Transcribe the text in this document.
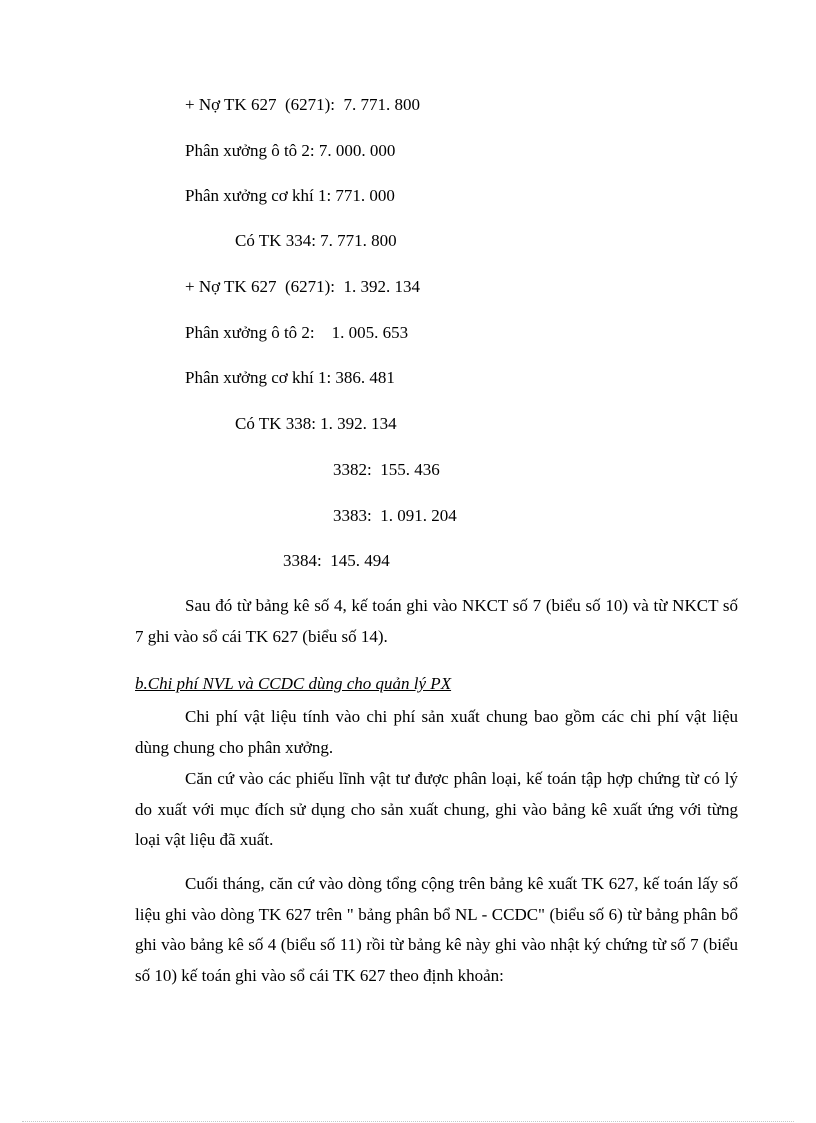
+ Nợ TK 627  (6271):  7. 771. 800
Phân xưởng ô tô 2: 7. 000. 000
Phân xưởng cơ khí 1: 771. 000
Có TK 334: 7. 771. 800
+ Nợ TK 627  (6271):  1. 392. 134
Phân xưởng ô tô 2:    1. 005. 653
Phân xưởng cơ khí 1: 386. 481
Có TK 338: 1. 392. 134
3382:  155. 436
3383:  1. 091. 204
3384:  145. 494
Sau đó từ bảng kê số 4, kế toán ghi vào NKCT số 7 (biểu số 10) và từ NKCT số 7 ghi vào sổ cái TK 627 (biểu số 14).
b.Chi phí NVL và CCDC dùng cho quản lý PX
Chi phí vật liệu tính vào chi phí sản xuất chung bao gồm các chi phí vật liệu dùng chung cho phân xưởng.
Căn cứ vào các phiếu lĩnh vật tư được phân loại, kế toán tập hợp chứng từ có lý do xuất với mục đích sử dụng cho sản xuất chung, ghi vào bảng kê xuất ứng với từng loại vật liệu đã xuất.
Cuối tháng, căn cứ vào dòng tổng cộng trên bảng kê xuất TK 627, kế toán lấy số liệu ghi vào dòng TK 627 trên " bảng phân bổ NL - CCDC" (biểu số 6) từ bảng phân bổ ghi vào bảng kê số 4 (biểu số 11) rồi từ bảng kê này ghi vào nhật ký chứng từ số 7 (biểu số 10) kế toán ghi vào sổ cái TK 627 theo định khoản:
